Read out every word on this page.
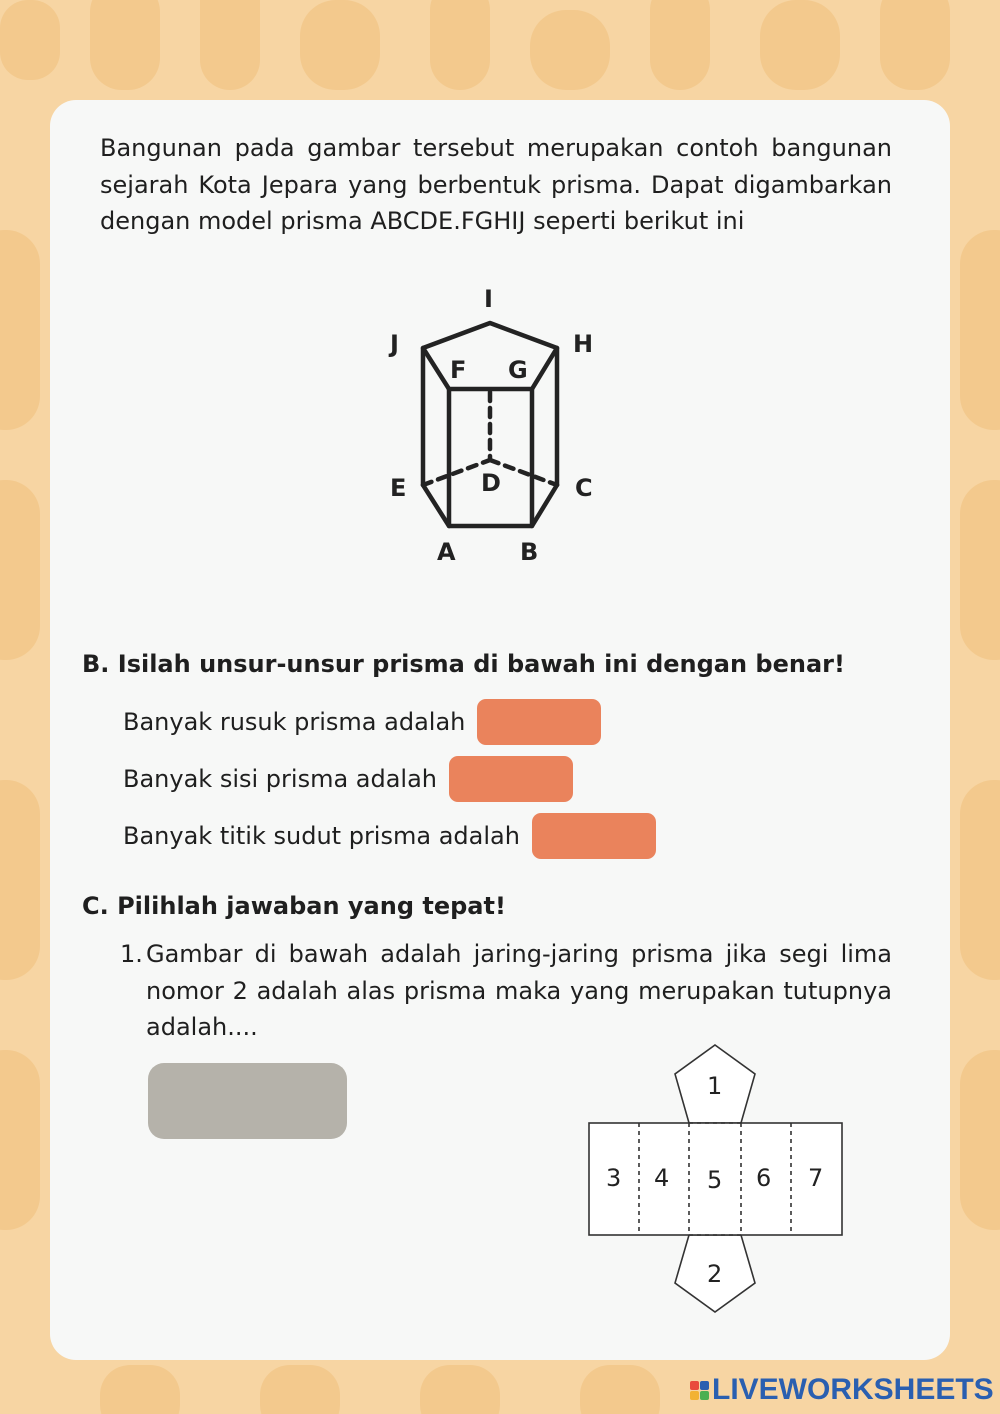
Bangunan pada gambar tersebut merupakan contoh bangunan sejarah Kota Jepara yang berbentuk prisma. Dapat digambarkan dengan model prisma ABCDE.FGHIJ seperti berikut ini

I
J	H
F G
E	D	C
A	B
B. Isilah unsur-unsur prisma di bawah ini dengan benar!
Banyak rusuk prisma adalah
Banyak sisi prisma adalah
Banyak titik sudut prisma adalah
C. Pilihlah jawaban yang tepat!
1. Gambar di bawah adalah jaring-jaring prisma jika segi lima nomor 2 adalah alas prisma maka yang merupakan tutupnya adalah....
1
2
3 4 5 6 7
LIVEWORKSHEETS
